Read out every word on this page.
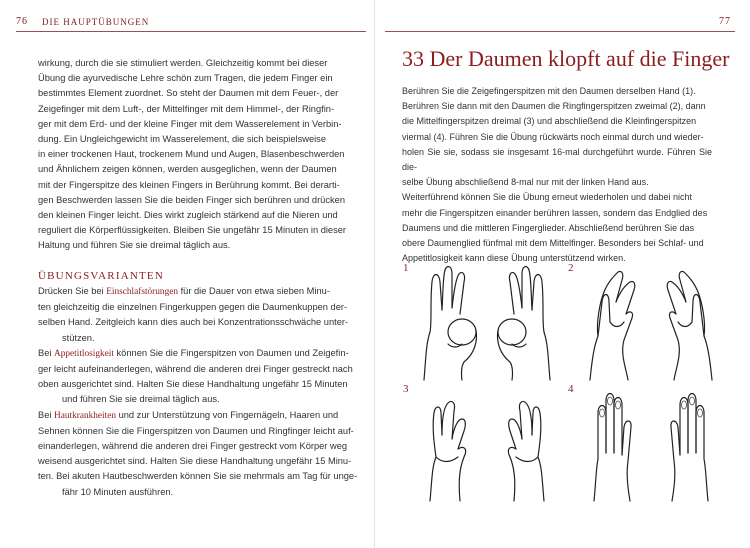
76 DIE HAUPTÜBUNGEN

wirkung, durch die sie stimuliert werden. Gleichzeitig kommt bei dieser

Übung die ayurvedische Lehre schön zum Tragen, die jedem Finger ein

bestimmtes Element zuordnet. So steht der Daumen mit dem Feuer-, der

Zeigefinger mit dem Luft-, der Mittelfinger mit dem Himmel-, der Ringfin-

ger mit dem Erd- und der kleine Finger mit dem Wasserelement in Verbin-

dung. Ein Ungleichgewicht im Wasserelement, die sich beispielsweise

in einer trockenen Haut, trockenem Mund und Augen, Blasenbeschwerden

und Ähnlichem zeigen können, werden ausgeglichen, wenn der Daumen

mit der Fingerspitze des kleinen Fingers in Berührung kommt. Bei derarti-

gen Beschwerden lassen Sie die beiden Finger sich berühren und drücken

den kleinen Finger leicht. Dies wirkt zugleich stärkend auf die Nieren und

reguliert die Körperflüssigkeiten. Bleiben Sie ungefähr 15 Minuten in dieser

Haltung und führen Sie sie dreimal täglich aus.

ÜBUNGSVARIANTEN

Drücken Sie bei Einschlafstörungen für die Dauer von etwa sieben Minu-

ten gleichzeitig die einzelnen Fingerkuppen gegen die Daumenkuppen der-

selben Hand. Zeitgleich kann dies auch bei Konzentrationsschwäche unter-

stützen.

Bei Appetitlosigkeit können Sie die Fingerspitzen von Daumen und Zeigefin-

ger leicht aufeinanderlegen, während die anderen drei Finger gestreckt nach

oben ausgerichtet sind. Halten Sie diese Handhaltung ungefähr 15 Minuten

und führen Sie sie dreimal täglich aus.

Bei Hautkrankheiten und zur Unterstützung von Fingernägeln, Haaren und

Sehnen können Sie die Fingerspitzen von Daumen und Ringfinger leicht auf-

einanderlegen, während die anderen drei Finger gestreckt vom Körper weg

weisend ausgerichtet sind. Halten Sie diese Handhaltung ungefähr 15 Minu-

ten. Bei akuten Hautbeschwerden können Sie sie mehrmals am Tag für unge-

fähr 10 Minuten ausführen.

77
33 Der Daumen klopft auf die Finger

Berühren Sie die Zeigefingerspitzen mit den Daumen derselben Hand (1).

Berühren Sie dann mit den Daumen die Ringfingerspitzen zweimal (2), dann

die Mittelfingerspitzen dreimal (3) und abschließend die Kleinfingerspitzen

viermal (4). Führen Sie die Übung rückwärts noch einmal durch und wieder-

holen Sie sie, sodass sie insgesamt 16-mal durchgeführt wurde. Führen Sie die-

selbe Übung abschließend 8-mal nur mit der linken Hand aus.

Weiterführend können Sie die Übung erneut wiederholen und dabei nicht

mehr die Fingerspitzen einander berühren lassen, sondern das Endglied des

Daumens und die mittleren Fingerglieder. Abschließend berühren Sie das

obere Daumenglied fünfmal mit dem Mittelfinger. Besonders bei Schlaf- und

Appetitlosigkeit kann diese Übung unterstützend wirken.

1	2
3	4
